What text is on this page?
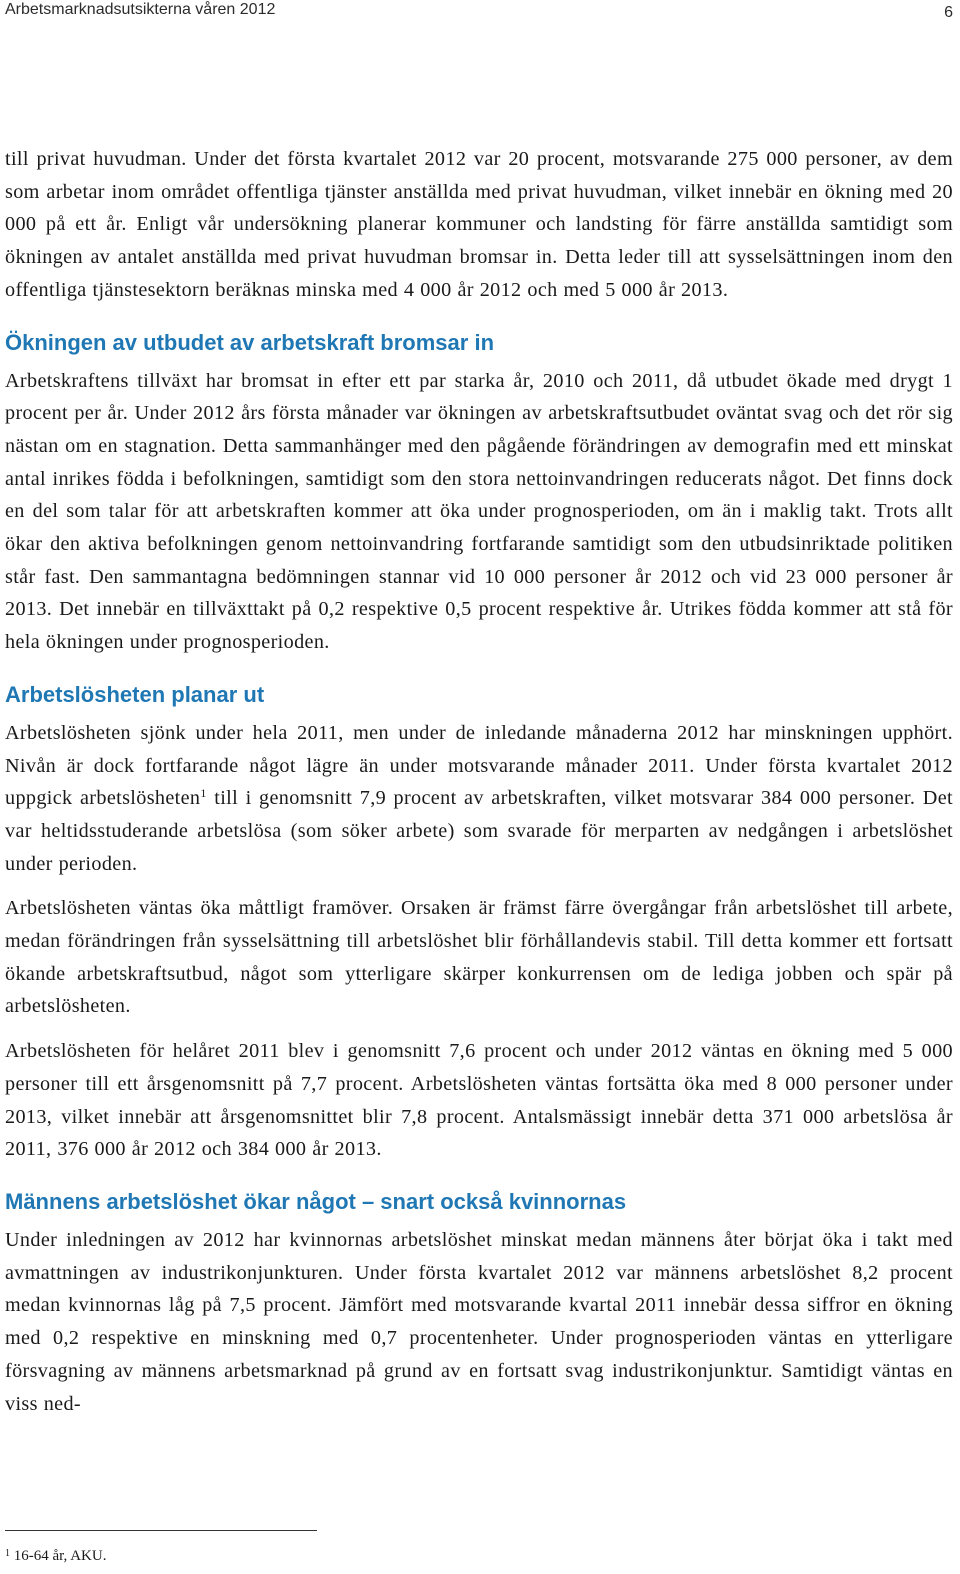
Arbetsmarknadsutsikterna våren 2012	6

till privat huvudman. Under det första kvartalet 2012 var 20 procent, motsvarande 275 000 personer, av dem som arbetar inom området offentliga tjänster anställda med privat huvudman, vilket innebär en ökning med 20 000 på ett år. Enligt vår undersökning planerar kommuner och landsting för färre anställda samtidigt som ökningen av antalet anställda med privat huvudman bromsar in. Detta leder till att sysselsättningen inom den offentliga tjänstesektorn beräknas minska med 4 000 år 2012 och med 5 000 år 2013.

Ökningen av utbudet av arbetskraft bromsar in

Arbetskraftens tillväxt har bromsat in efter ett par starka år, 2010 och 2011, då utbudet ökade med drygt 1 procent per år. Under 2012 års första månader var ökningen av arbetskraftsutbudet oväntat svag och det rör sig nästan om en stagnation. Detta sammanhänger med den pågående förändringen av demografin med ett minskat antal inrikes födda i befolkningen, samtidigt som den stora nettoinvandringen reducerats något. Det finns dock en del som talar för att arbetskraften kommer att öka under prognosperioden, om än i maklig takt. Trots allt ökar den aktiva befolkningen genom nettoinvandring fortfarande samtidigt som den utbudsinriktade politiken står fast. Den sammantagna bedömningen stannar vid 10 000 personer år 2012 och vid 23 000 personer år 2013. Det innebär en tillväxttakt på 0,2 respektive 0,5 procent respektive år. Utrikes födda kommer att stå för hela ökningen under prognosperioden.

Arbetslösheten planar ut

Arbetslösheten sjönk under hela 2011, men under de inledande månaderna 2012 har minskningen upphört. Nivån är dock fortfarande något lägre än under motsvarande månader 2011. Under första kvartalet 2012 uppgick arbetslösheten$^1$ till i genomsnitt 7,9 procent av arbetskraften, vilket motsvarar 384 000 personer. Det var heltidsstuderande arbetslösa (som söker arbete) som svarade för merparten av nedgången i arbetslöshet under perioden.

Arbetslösheten väntas öka måttligt framöver. Orsaken är främst färre övergångar från arbetslöshet till arbete, medan förändringen från sysselsättning till arbetslöshet blir förhållandevis stabil. Till detta kommer ett fortsatt ökande arbetskraftsutbud, något som ytterligare skärper konkurrensen om de lediga jobben och spär på arbetslösheten.

Arbetslösheten för helåret 2011 blev i genomsnitt 7,6 procent och under 2012 väntas en ökning med 5 000 personer till ett årsgenomsnitt på 7,7 procent. Arbetslösheten väntas fortsätta öka med 8 000 personer under 2013, vilket innebär att årsgenomsnittet blir 7,8 procent. Antalsmässigt innebär detta 371 000 arbetslösa år 2011, 376 000 år 2012 och 384 000 år 2013.

Männens arbetslöshet ökar något – snart också kvinnornas

Under inledningen av 2012 har kvinnornas arbetslöshet minskat medan männens åter börjat öka i takt med avmattningen av industrikonjunkturen. Under första kvartalet 2012 var männens arbetslöshet 8,2 procent medan kvinnornas låg på 7,5 procent. Jämfört med motsvarande kvartal 2011 innebär dessa siffror en ökning med 0,2 respektive en minskning med 0,7 procentenheter. Under prognosperioden väntas en ytterligare försvagning av männens arbetsmarknad på grund av en fortsatt svag industrikonjunktur. Samtidigt väntas en viss ned-

$^1$ 16-64 år, AKU.
